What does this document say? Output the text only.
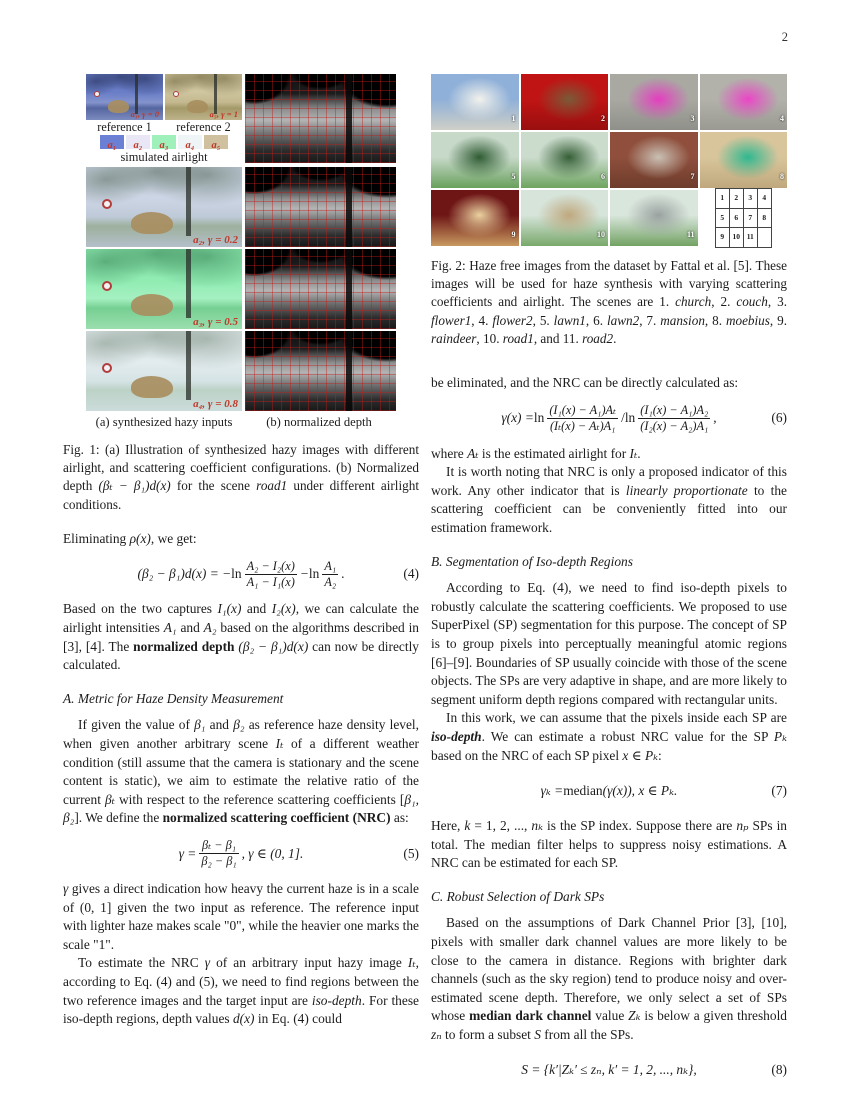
2
a₁, γ = 0
reference 1
a₅, γ = 1
reference 2
a₁	a₂	a₃	a₄	a₅
simulated airlight
a₂, γ = 0.2
a₃, γ = 0.5
a₄, γ = 0.8
(a) synthesized hazy inputs	(b) normalized depth

Fig. 1: (a) Illustration of synthesized hazy images with different airlight, and scattering coefficient configurations. (b) Normalized depth (βₜ − β₁)d(x) for the scene road1 under different airlight conditions.

Eliminating ρ(x), we get:

(β₂ − β₁)d(x) = − $\ln \frac{\text{A₂ − I₂(x)}}{\text{A₁ − I₁(x)}} - \ln \frac{\text{A₁}}{\text{A₂}}$ .	(4)

Based on the two captures I₁(x) and I₂(x), we can calculate the airlight intensities A₁ and A₂ based on the algorithms described in [3], [4]. The normalized depth (β₂ − β₁)d(x) can now be directly calculated.

A. Metric for Haze Density Measurement

If given the value of β₁ and β₂ as reference haze density level, when given another arbitrary scene Iₜ of a different weather condition (still assume that the camera is stationary and the scene content is static), we aim to estimate the relative ratio of the current βₜ with respect to the reference scattering coefficients [β₁, β₂]. We define the normalized scattering coefficient (NRC) as:

$\gamma = \frac{\text{βₜ − β₁}}{\text{β₂ − β₁}}$ , γ ∈ (0, 1].	(5)

γ gives a direct indication how heavy the current haze is in a scale of (0, 1] given the two input as reference. The reference input with lighter haze makes scale "0", while the heavier one marks the scale "1".

To estimate the NRC γ of an arbitrary input hazy image Iₜ, according to Eq. (4) and (5), we need to find regions between the two reference images and the target input are iso-depth. For these iso-depth regions, depth values d(x) in Eq. (4) could

1	2	3	4
5	6	7	8
9	10	11
1	2	3	4
5	6	7	8
9	10	11	

Fig. 2: Haze free images from the dataset by Fattal et al. [5]. These images will be used for haze synthesis with varying scattering coefficients and airlight. The scenes are 1. church, 2. couch, 3. flower1, 4. flower2, 5. lawn1, 6. lawn2, 7. mansion, 8. moebius, 9. raindeer, 10. road1, and 11. road2.

be eliminated, and the NRC can be directly calculated as:

$\gamma(x) = \ln \frac{\text{(I₁(x) − A₁)Aₜ}}{\text{(Iₜ(x) − Aₜ)A₁}} / \ln \frac{\text{(I₁(x) − A₁)A₂}}{\text{(I₂(x) − A₂)A₁}}$ ,	(6)

where Aₜ is the estimated airlight for Iₜ.

It is worth noting that NRC is only a proposed indicator of this work. Any other indicator that is linearly proportionate to the scattering coefficient can be conveniently fitted into our estimation framework.

B. Segmentation of Iso-depth Regions

According to Eq. (4), we need to find iso-depth pixels to robustly calculate the scattering coefficients. We proposed to use SuperPixel (SP) segmentation for this purpose. The concept of SP is to group pixels into perceptually meaningful atomic regions [6]–[9]. Boundaries of SP usually coincide with those of the scene objects. The SPs are very adaptive in shape, and are more likely to segment uniform depth regions compared with rectangular units.

In this work, we can assume that the pixels inside each SP are iso-depth. We can estimate a robust NRC value for the SP Pₖ based on the NRC of each SP pixel x ∈ Pₖ:

γₖ = median (γ(x)), x ∈ Pₖ.	(7)

Here, k = 1, 2, ..., nₖ is the SP index. Suppose there are nₚ SPs in total. The median filter helps to suppress noisy estimations. A NRC can be estimated for each SP.

C. Robust Selection of Dark SPs

Based on the assumptions of Dark Channel Prior [3], [10], pixels with smaller dark channel values are more likely to be close to the camera in distance. Regions with brighter dark channels (such as the sky region) tend to produce noisy and over-estimated scene depth. Therefore, we only select a set of SPs whose median dark channel value Zₖ is below a given threshold zₙ to form a subset S from all the SPs.

S = {k′|Zₖ′ ≤ zₙ, k′ = 1, 2, ..., nₖ},	(8)
